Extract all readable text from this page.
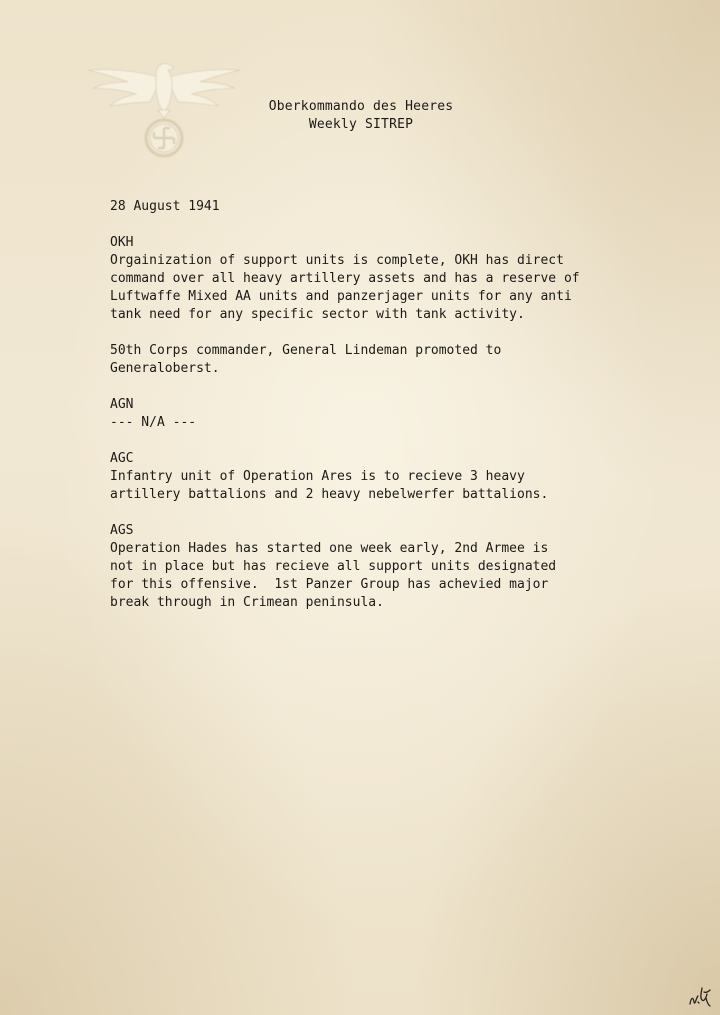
Oberkommando des Heeres
Weekly SITREP
28 August 1941
OKH
Orgainization of support units is complete, OKH has direct
command over all heavy artillery assets and has a reserve of
Luftwaffe Mixed AA units and panzerjager units for any anti
tank need for any specific sector with tank activity.
50th Corps commander, General Lindeman promoted to
Generaloberst.
AGN
--- N/A ---
AGC
Infantry unit of Operation Ares is to recieve 3 heavy
artillery battalions and 2 heavy nebelwerfer battalions.
AGS
Operation Hades has started one week early, 2nd Armee is
not in place but has recieve all support units designated
for this offensive.  1st Panzer Group has achevied major
break through in Crimean peninsula.
